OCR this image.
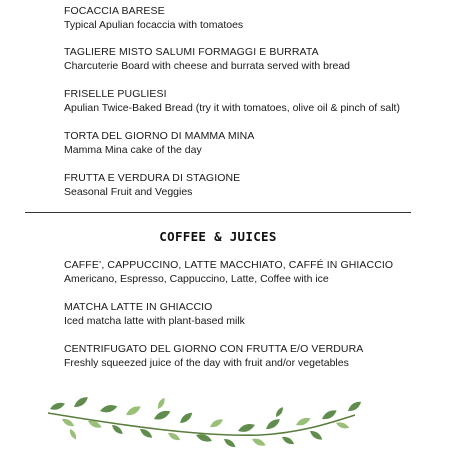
FOCACCIA BARESE
Typical Apulian focaccia with tomatoes
TAGLIERE MISTO SALUMI FORMAGGI E BURRATA
Charcuterie Board with cheese and burrata served with bread
FRISELLE PUGLIESI
Apulian Twice-Baked Bread (try it with tomatoes, olive oil & pinch of salt)
TORTA DEL GIORNO DI MAMMA MINA
Mamma Mina cake of the day
FRUTTA E VERDURA DI STAGIONE
Seasonal Fruit and Veggies
COFFEE & JUICES
CAFFE’, CAPPUCCINO, LATTE MACCHIATO, CAFFÉ IN GHIACCIO
Americano, Espresso, Cappuccino, Latte, Coffee with ice
MATCHA LATTE IN GHIACCIO
Iced matcha latte with plant-based milk
CENTRIFUGATO DEL GIORNO CON FRUTTA E/O VERDURA
Freshly squeezed juice of the day with fruit and/or vegetables
